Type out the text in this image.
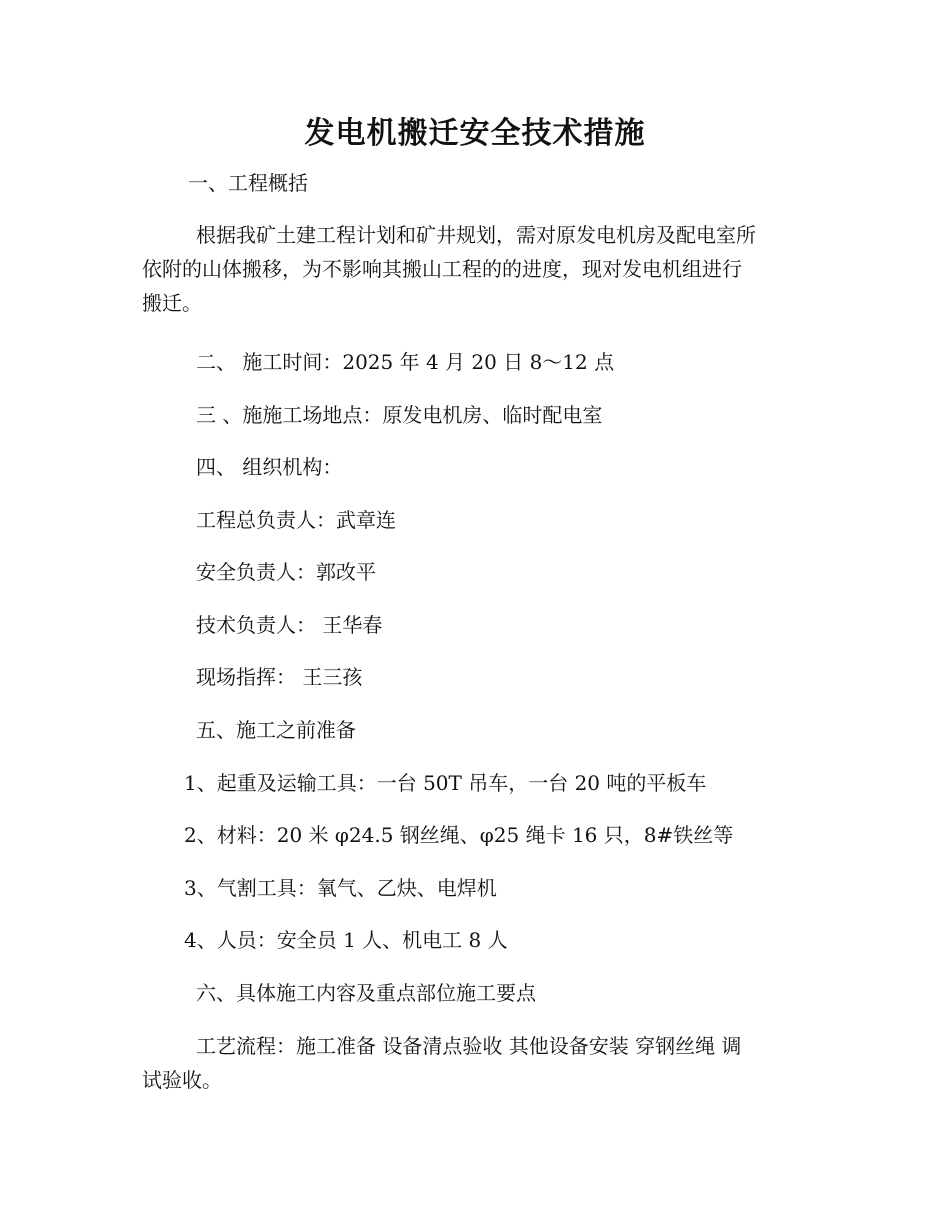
发电机搬迁安全技术措施

一、工程概括

根据我矿土建工程计划和矿井规划，需对原发电机房及配电室所
依附的山体搬移，为不影响其搬山工程的的进度，现对发电机组进行
搬迁。

二、 施工时间：2025 年 4 月 20 日 8～12 点

三 、施施工场地点：原发电机房、临时配电室

四、 组织机构：

工程总负责人：武章连

安全负责人：郭改平

技术负责人： 王华春

现场指挥： 王三孩

五、施工之前准备

1、起重及运输工具：一台 50T 吊车，一台 20 吨的平板车

2、材料：20 米 φ24.5 钢丝绳、φ25 绳卡 16 只，8#铁丝等

3、气割工具：氧气、乙炔、电焊机

4、人员：安全员 1 人、机电工 8 人

六、具体施工内容及重点部位施工要点

工艺流程：施工准备 设备清点验收 其他设备安装 穿钢丝绳 调
试验收。
